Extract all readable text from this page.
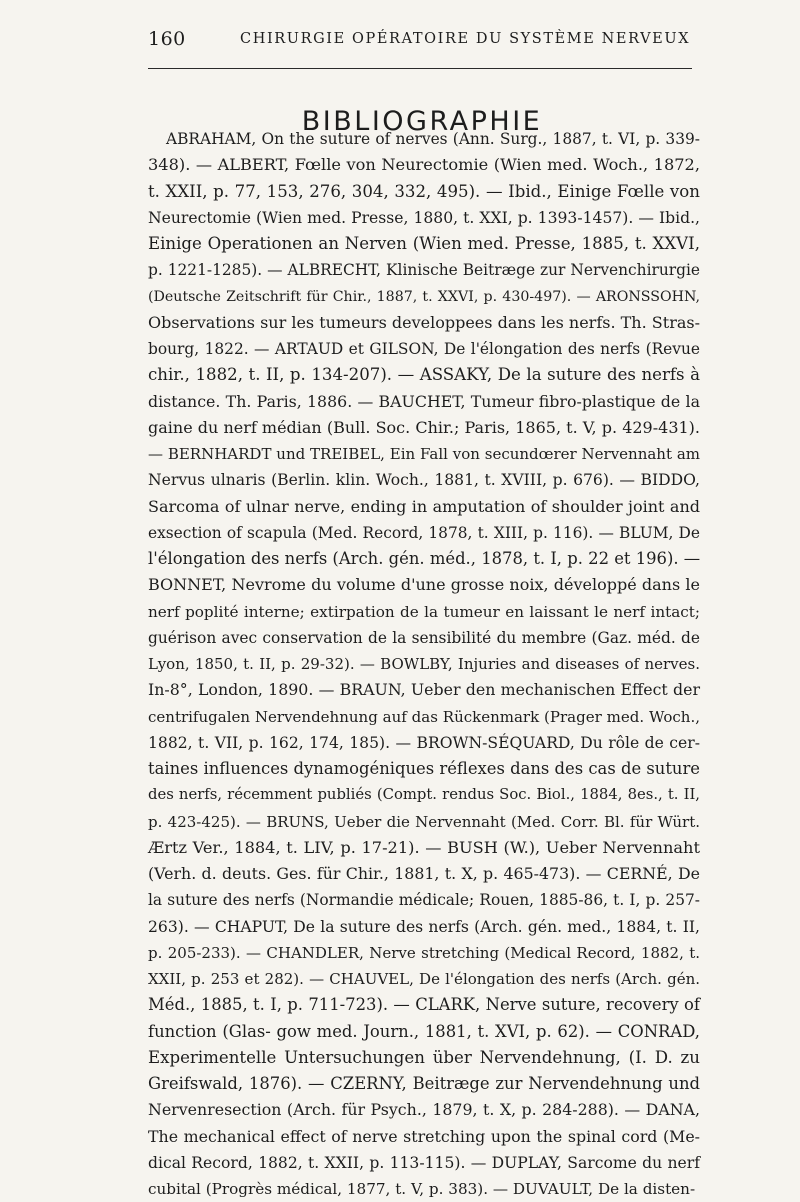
160	CHIRURGIE OPÉRATOIRE DU SYSTÈME NERVEUX
BIBLIOGRAPHIE
ABRAHAM, On the suture of nerves (Ann. Surg., 1887, t. VI, p. 339-
348). — ALBERT, Fœlle von Neurectomie (Wien med. Woch., 1872,
t. XXII, p. 77, 153, 276, 304, 332, 495). — Ibid., Einige Fœlle von
Neurectomie (Wien med. Presse, 1880, t. XXI, p. 1393-1457). — Ibid.,
Einige Operationen an Nerven (Wien med. Presse, 1885, t. XXVI,
p. 1221-1285). — ALBRECHT, Klinische Beitræge zur Nervenchirurgie
(Deutsche Zeitschrift für Chir., 1887, t. XXVI, p. 430-497). — ARONSSOHN,
Observations sur les tumeurs developpees dans les nerfs. Th. Stras-
bourg, 1822. — ARTAUD et GILSON, De l'élongation des nerfs (Revue
chir., 1882, t. II, p. 134-207). — ASSAKY, De la suture des nerfs à
distance. Th. Paris, 1886. — BAUCHET, Tumeur fibro-plastique de la
gaine du nerf médian (Bull. Soc. Chir.; Paris, 1865, t. V, p. 429-431).
— BERNHARDT und TREIBEL, Ein Fall von secundœrer Nervennaht am
Nervus ulnaris (Berlin. klin. Woch., 1881, t. XVIII, p. 676). — BIDDO,
Sarcoma of ulnar nerve, ending in amputation of shoulder joint and
exsection of scapula (Med. Record, 1878, t. XIII, p. 116). — BLUM, De
l'élongation des nerfs (Arch. gén. méd., 1878, t. I, p. 22 et 196). —
BONNET, Nevrome du volume d'une grosse noix, développé dans le
nerf poplité interne; extirpation de la tumeur en laissant le nerf intact;
guérison avec conservation de la sensibilité du membre (Gaz. méd. de
Lyon, 1850, t. II, p. 29-32). — BOWLBY, Injuries and diseases of nerves.
In-8°, London, 1890. — BRAUN, Ueber den mechanischen Effect der
centrifugalen Nervendehnung auf das Rückenmark (Prager med. Woch.,
1882, t. VII, p. 162, 174, 185). — BROWN-SÉQUARD, Du rôle de cer-
taines influences dynamogéniques réflexes dans des cas de suture
des nerfs, récemment publiés (Compt. rendus Soc. Biol., 1884, 8es., t. II,
p. 423-425). — BRUNS, Ueber die Nervennaht (Med. Corr. Bl. für Würt.
Ærtz Ver., 1884, t. LIV, p. 17-21). — BUSH (W.), Ueber Nervennaht
(Verh. d. deuts. Ges. für Chir., 1881, t. X, p. 465-473). — CERNÉ, De
la suture des nerfs (Normandie médicale; Rouen, 1885-86, t. I, p. 257-
263). — CHAPUT, De la suture des nerfs (Arch. gén. med., 1884, t. II,
p. 205-233). — CHANDLER, Nerve stretching (Medical Record, 1882, t.
XXII, p. 253 et 282). — CHAUVEL, De l'élongation des nerfs (Arch. gén.
Méd., 1885, t. I, p. 711-723). — CLARK, Nerve suture, recovery of
function (Glas- gow med. Journ., 1881, t. XVI, p. 62). — CONRAD,
Experimentelle Untersuchungen über Nervendehnung, (I. D. zu
Greifswald, 1876). — CZERNY, Beitræge zur Nervendehnung und
Nervenresection (Arch. für Psych., 1879, t. X, p. 284-288). — DANA,
The mechanical effect of nerve stretching upon the spinal cord (Me-
dical Record, 1882, t. XXII, p. 113-115). — DUPLAY, Sarcome du nerf
cubital (Progrès médical, 1877, t. V, p. 383). — DUVAULT, De la disten-
